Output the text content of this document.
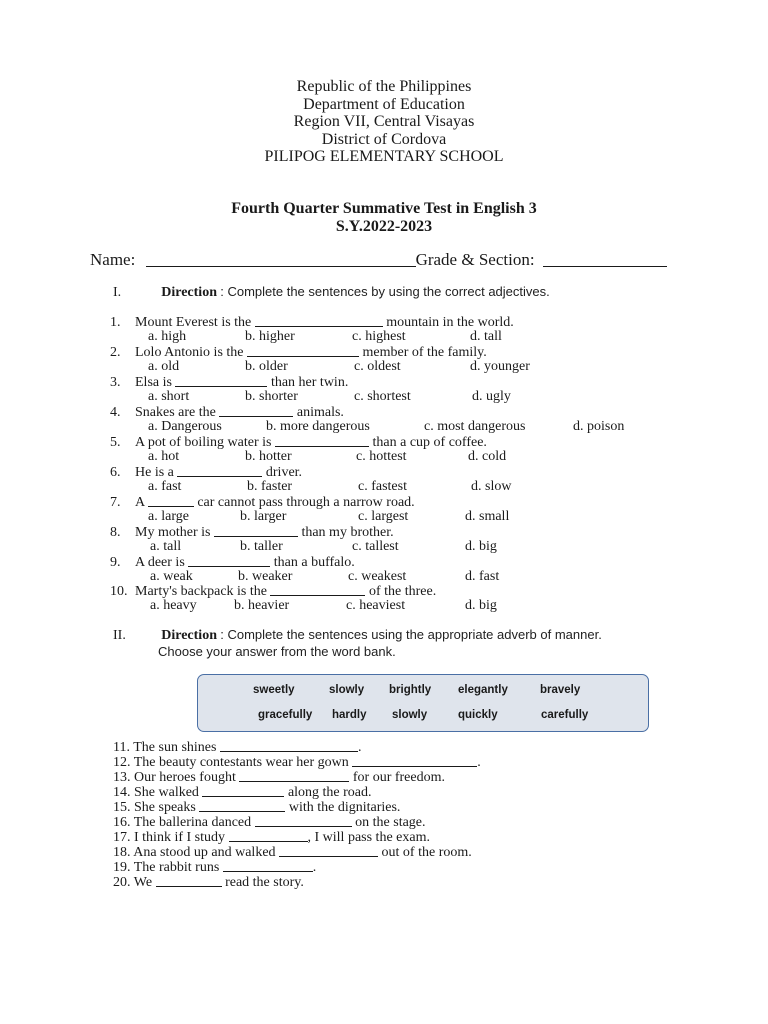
Republic of the Philippines
Department of Education
Region VII, Central Visayas
District of Cordova
PILIPOG ELEMENTARY SCHOOL
Fourth Quarter Summative Test in English 3
S.Y.2022-2023
Name:	Grade & Section:
I.	Direction : Complete the sentences by using the correct adjectives.
1. Mount Everest is the	mountain in the world.
a. high	b. higher	c. highest	d. tall
2. Lolo Antonio is the	member of the family.
a. old	b. older	c. oldest	d. younger
3. Elsa is	than her twin.
a. short	b. shorter	c. shortest	d. ugly
4. Snakes are the	animals.
a. Dangerous	b. more dangerous	c. most dangerous	d. poison
5. A pot of boiling water is	than a cup of coffee.
a. hot	b. hotter	c. hottest	d. cold
6. He is a	driver.
a. fast	b. faster	c. fastest	d. slow
7. A	car cannot pass through a narrow road.
a. large	b. larger	c. largest	d. small
8. My mother is	than my brother.
a. tall	b. taller	c. tallest	d. big
9. A deer is	than a buffalo.
a. weak	b. weaker	c. weakest	d. fast
10. Marty's backpack is the	of the three.
a. heavy	b. heavier	c. heaviest	d. big
II.	Direction : Complete the sentences using the appropriate adverb of manner.
Choose your answer from the word bank.
sweetly	slowly brightly elegantly	bravely
gracefully hardly slowly	quickly	carefully
11. The sun shines	.
12. The beauty contestants wear her gown	.
13. Our heroes fought	for our freedom.
14. She walked	along the road.
15. She speaks	with the dignitaries.
16. The ballerina danced	on the stage.
17. I think if I study	, I will pass the exam.
18. Ana stood up and walked	out of the room.
19. The rabbit runs	.
20. We	read the story.
